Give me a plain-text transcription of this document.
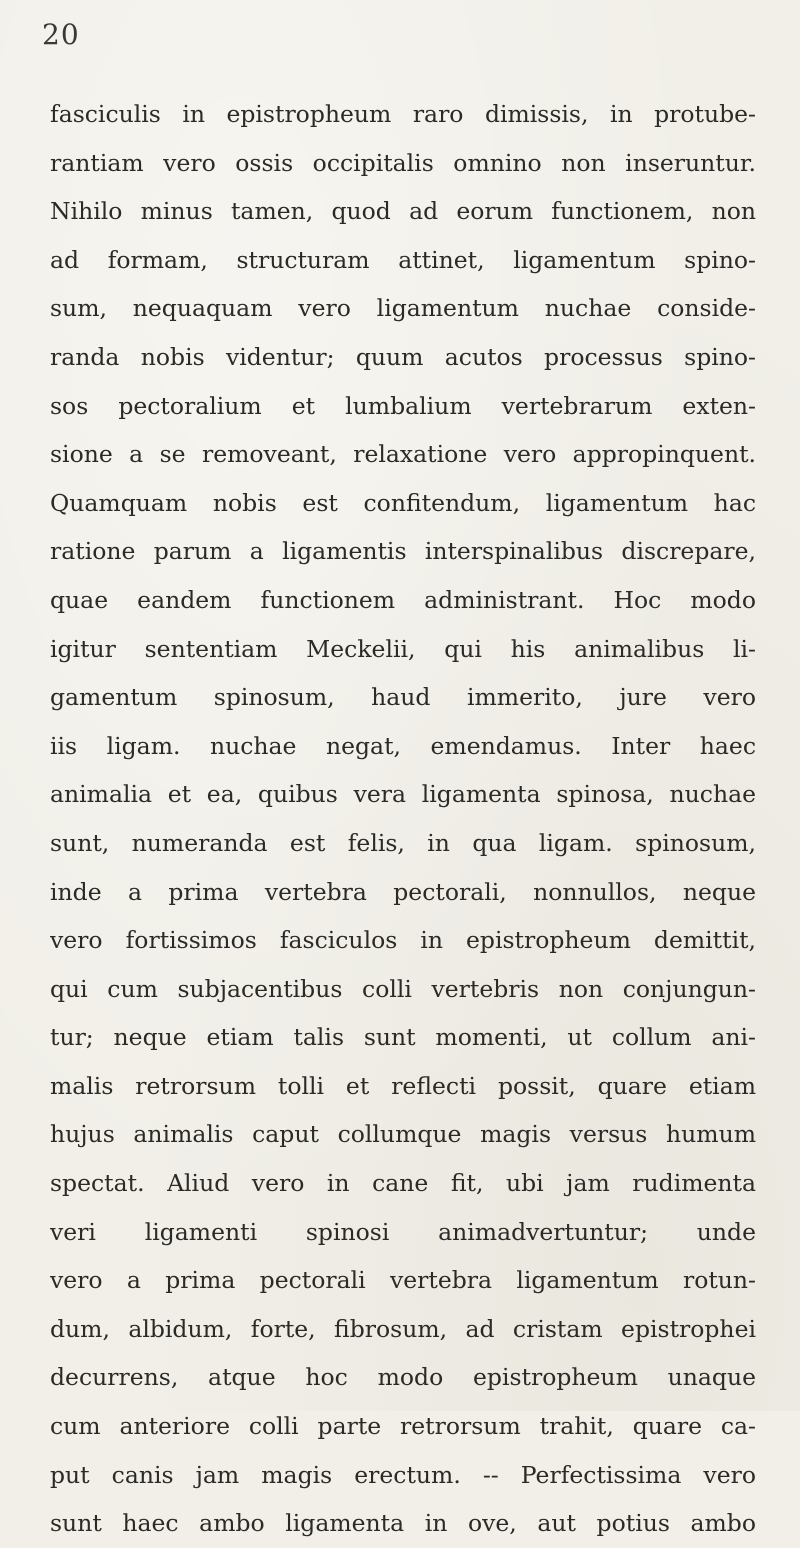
20
fasciculis in epistropheum raro dimissis, in protube-
rantiam vero ossis occipitalis omnino non inseruntur.
Nihilo minus tamen, quod ad eorum functionem, non
ad formam, structuram attinet, ligamentum spino-
sum, nequaquam vero ligamentum nuchae conside-
randa nobis videntur; quum acutos processus spino-
sos pectoralium et lumbalium vertebrarum exten-
sione a se removeant, relaxatione vero appropinquent.
Quamquam nobis est confitendum, ligamentum hac
ratione parum a ligamentis interspinalibus discrepare,
quae eandem functionem administrant. Hoc modo
igitur sententiam Meckelii, qui his animalibus li-
gamentum spinosum, haud immerito, jure vero
iis ligam. nuchae negat, emendamus. Inter haec
animalia et ea, quibus vera ligamenta spinosa, nuchae
sunt, numeranda est felis, in qua ligam. spinosum,
inde a prima vertebra pectorali, nonnullos, neque
vero fortissimos fasciculos in epistropheum demittit,
qui cum subjacentibus colli vertebris non conjungun-
tur; neque etiam talis sunt momenti, ut collum ani-
malis retrorsum tolli et reflecti possit, quare etiam
hujus animalis caput collumque magis versus humum
spectat. Aliud vero in cane fit, ubi jam rudimenta
veri ligamenti spinosi animadvertuntur; unde
vero a prima pectorali vertebra ligamentum rotun-
dum, albidum, forte, fibrosum, ad cristam epistrophei
decurrens, atque hoc modo epistropheum unaque
cum anteriore colli parte retrorsum trahit, quare ca-
put canis jam magis erectum. -- Perfectissima vero
sunt haec ambo ligamenta in ove, aut potius ambo
